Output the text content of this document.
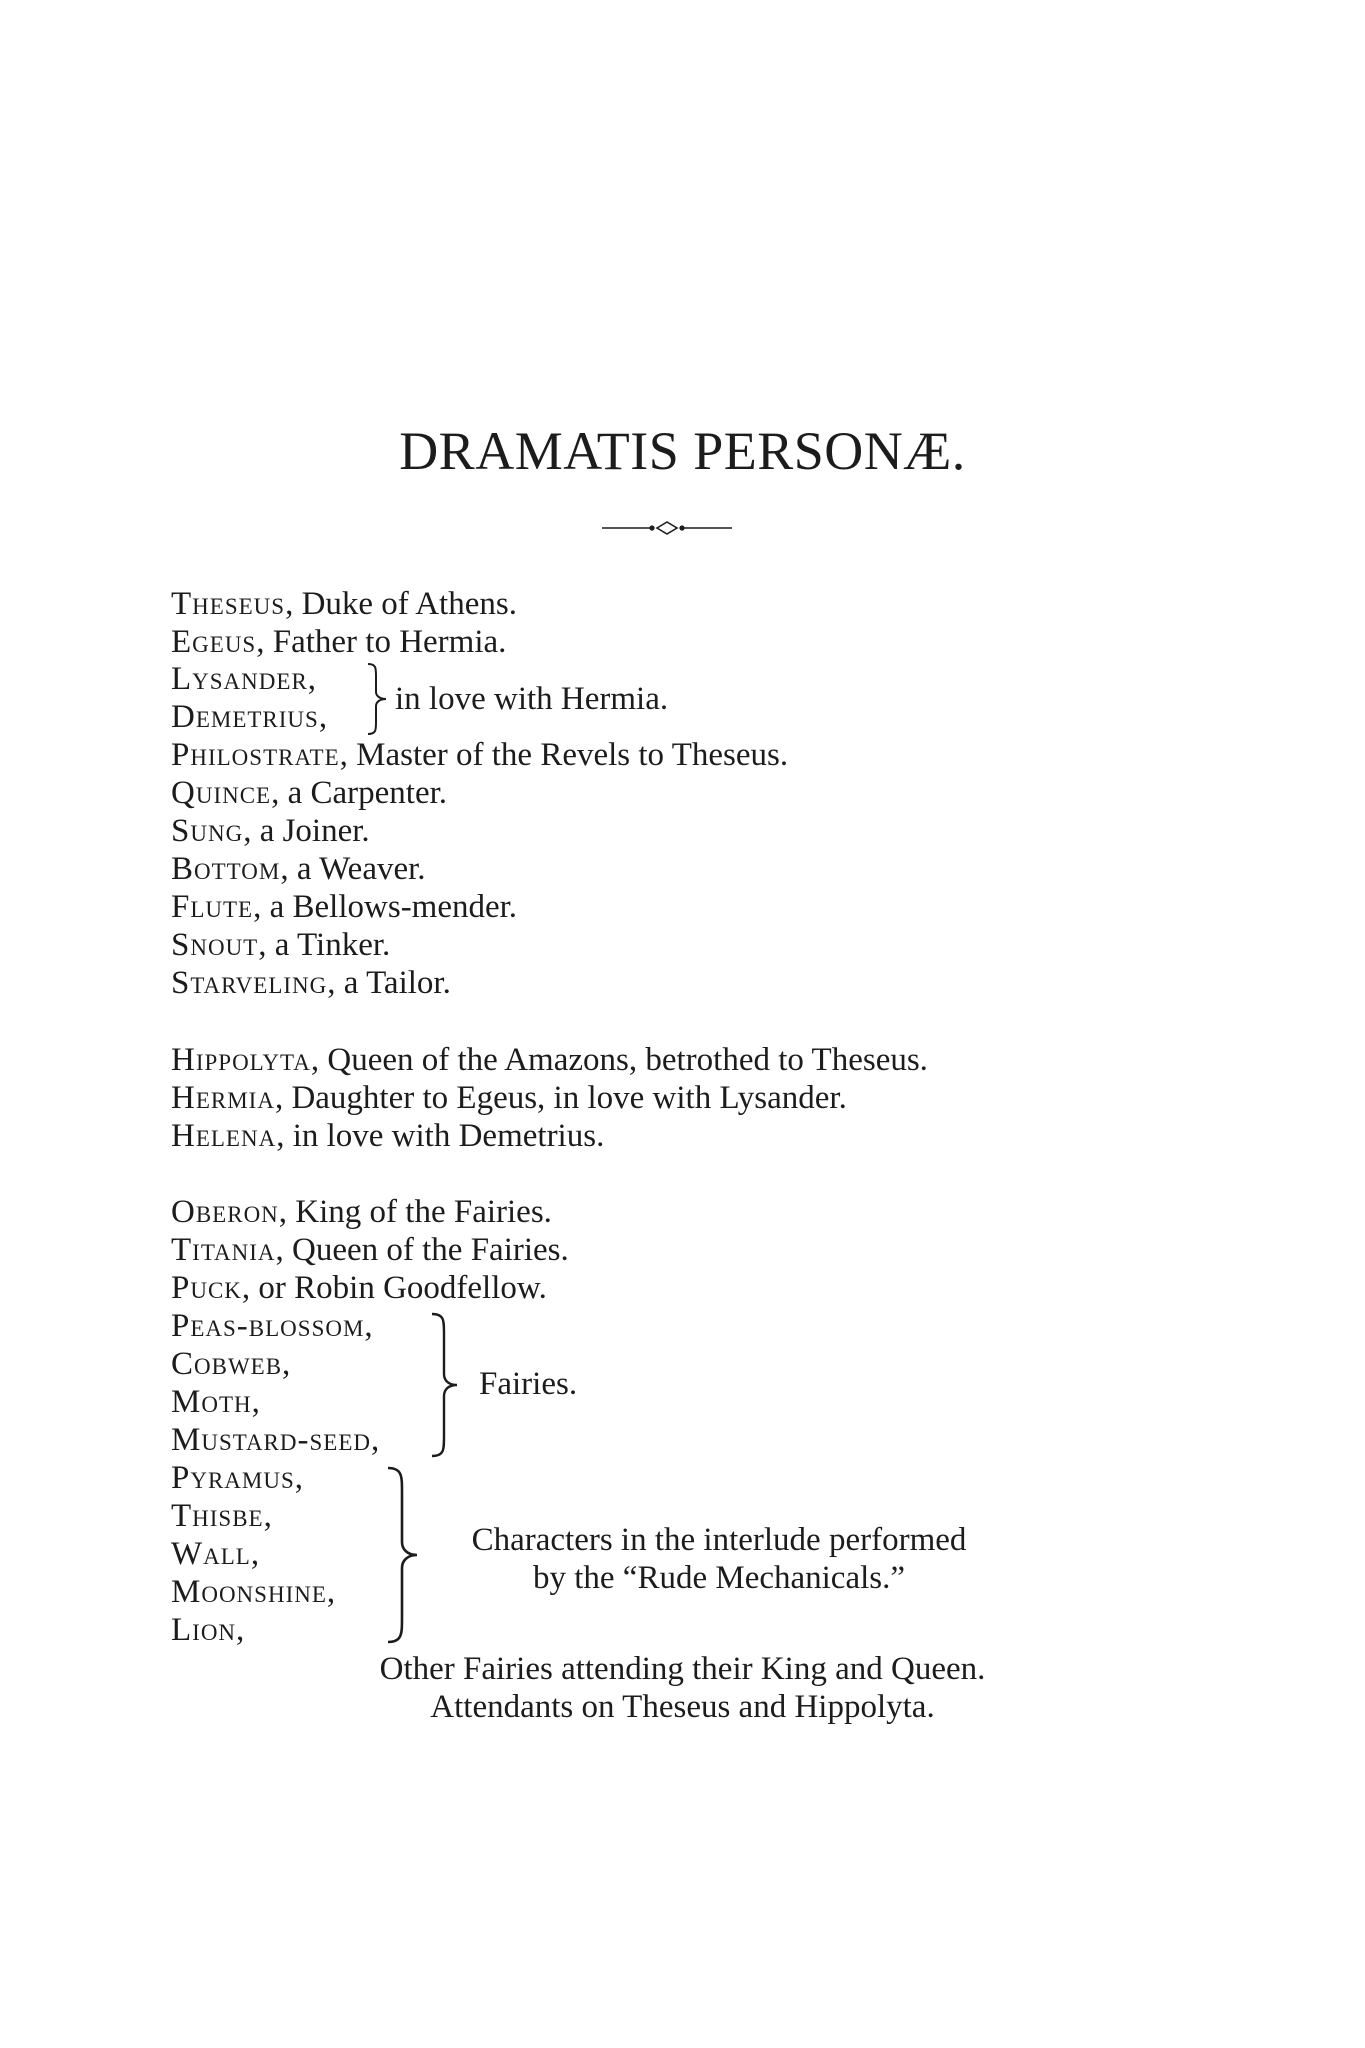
DRAMATIS PERSONÆ.
Theseus, Duke of Athens.
Egeus, Father to Hermia.
Lysander,
Demetrius, in love with Hermia.
Philostrate, Master of the Revels to Theseus.
Quince, a Carpenter.
Sung, a Joiner.
Bottom, a Weaver.
Flute, a Bellows-mender.
Snout, a Tinker.
Starveling, a Tailor.
Hippolyta, Queen of the Amazons, betrothed to Theseus.
Hermia, Daughter to Egeus, in love with Lysander.
Helena, in love with Demetrius.
Oberon, King of the Fairies.
Titania, Queen of the Fairies.
Puck, or Robin Goodfellow.
Peas-blossom,
Cobweb,
Moth,
Mustard-seed,
Fairies.
Pyramus,
Thisbe,
Wall,
Moonshine,
Lion,
Characters in the interlude performed
by the “Rude Mechanicals.”
Other Fairies attending their King and Queen.
Attendants on Theseus and Hippolyta.
